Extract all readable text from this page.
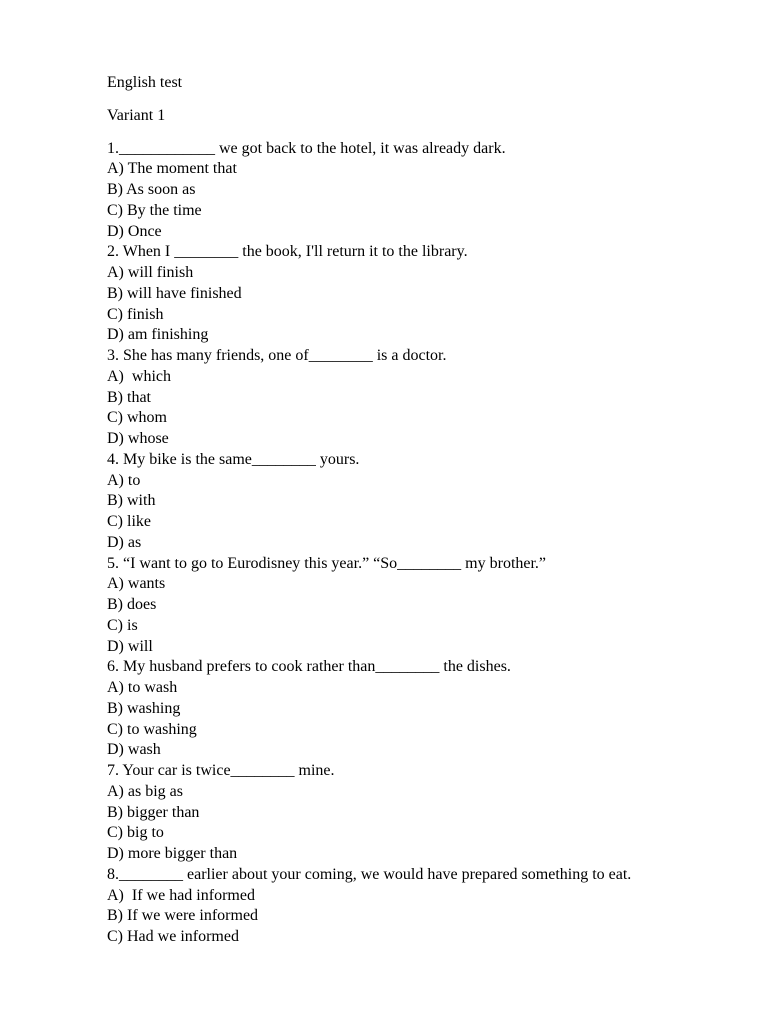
English test
Variant 1
1.____________ we got back to the hotel, it was already dark.
A) The moment that
B) As soon as
C) By the time
D) Once
2. When I ________ the book, I'll return it to the library.
A) will finish
B) will have finished
C) finish
D) am finishing
3. She has many friends, one of________ is a doctor.
A)  which
B) that
C) whom
D) whose
4. My bike is the same________ yours.
A) to
B) with
C) like
D) as
5. “I want to go to Eurodisney this year.” “So________ my brother.”
A) wants
B) does
C) is
D) will
6. My husband prefers to cook rather than________ the dishes.
A) to wash
B) washing
C) to washing
D) wash
7. Your car is twice________ mine.
A) as big as
B) bigger than
C) big to
D) more bigger than
8.________ earlier about your coming, we would have prepared something to eat.
A)  If we had informed
B) If we were informed
C) Had we informed
